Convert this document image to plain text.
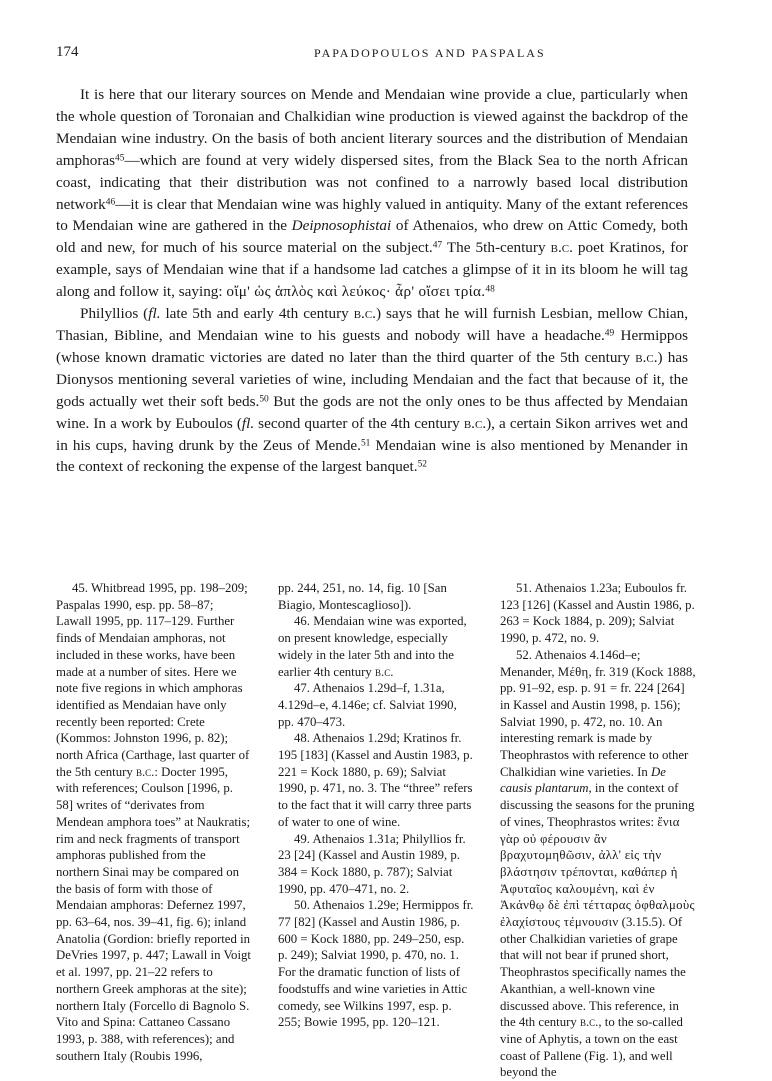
174	PAPADOPOULOS AND PASPALAS

It is here that our literary sources on Mende and Mendaian wine provide a clue, particularly when the whole question of Toronaian and Chalkidian wine production is viewed against the backdrop of the Mendaian wine industry. On the basis of both ancient literary sources and the distribution of Mendaian amphoras$^{45}$—which are found at very widely dispersed sites, from the Black Sea to the north African coast, indicating that their distribution was not confined to a narrowly based local distribution network$^{46}$—it is clear that Mendaian wine was highly valued in antiquity. Many of the extant references to Mendaian wine are gathered in the Deipnosophistai of Athenaios, who drew on Attic Comedy, both old and new, for much of his source material on the subject.$^{47}$ The 5th-century b.c. poet Kratinos, for example, says of Mendaian wine that if a handsome lad catches a glimpse of it in its bloom he will tag along and follow it, saying: οἴμ' ὡς ἁπλὸς καὶ λεύκος· ἆρ' οἴσει τρία.$^{48}$

Philyllios (fl. late 5th and early 4th century b.c.) says that he will furnish Lesbian, mellow Chian, Thasian, Bibline, and Mendaian wine to his guests and nobody will have a headache.$^{49}$ Hermippos (whose known dramatic victories are dated no later than the third quarter of the 5th century b.c.) has Dionysos mentioning several varieties of wine, including Mendaian and the fact that because of it, the gods actually wet their soft beds.$^{50}$ But the gods are not the only ones to be thus affected by Mendaian wine. In a work by Euboulos (fl. second quarter of the 4th century b.c.), a certain Sikon arrives wet and in his cups, having drunk by the Zeus of Mende.$^{51}$ Mendaian wine is also mentioned by Menander in the context of reckoning the expense of the largest banquet.$^{52}$

45. Whitbread 1995, pp. 198–209; Paspalas 1990, esp. pp. 58–87; Lawall 1995, pp. 117–129. Further finds of Mendaian amphoras, not included in these works, have been made at a number of sites. Here we note five regions in which amphoras identified as Mendaian have only recently been reported: Crete (Kommos: Johnston 1996, p. 82); north Africa (Carthage, last quarter of the 5th century b.c.: Docter 1995, with references; Coulson [1996, p. 58] writes of “derivates from Mendean amphora toes” at Naukratis; rim and neck fragments of transport amphoras published from the northern Sinai may be compared on the basis of form with those of Mendaian amphoras: Defernez 1997, pp. 63–64, nos. 39–41, fig. 6); inland Anatolia (Gordion: briefly reported in DeVries 1997, p. 447; Lawall in Voigt et al. 1997, pp. 21–22 refers to northern Greek amphoras at the site); northern Italy (Forcello di Bagnolo S. Vito and Spina: Cattaneo Cassano 1993, p. 388, with references); and southern Italy (Roubis 1996,

pp. 244, 251, no. 14, fig. 10 [San Biagio, Montescaglioso]).

46. Mendaian wine was exported, on present knowledge, especially widely in the later 5th and into the earlier 4th century b.c.

47. Athenaios 1.29d–f, 1.31a, 4.129d–e, 4.146e; cf. Salviat 1990, pp. 470–473.

48. Athenaios 1.29d; Kratinos fr. 195 [183] (Kassel and Austin 1983, p. 221 = Kock 1880, p. 69); Salviat 1990, p. 471, no. 3. The “three” refers to the fact that it will carry three parts of water to one of wine.

49. Athenaios 1.31a; Philyllios fr. 23 [24] (Kassel and Austin 1989, p. 384 = Kock 1880, p. 787); Salviat 1990, pp. 470–471, no. 2.

50. Athenaios 1.29e; Hermippos fr. 77 [82] (Kassel and Austin 1986, p. 600 = Kock 1880, pp. 249–250, esp. p. 249); Salviat 1990, p. 470, no. 1. For the dramatic function of lists of foodstuffs and wine varieties in Attic comedy, see Wilkins 1997, esp. p. 255; Bowie 1995, pp. 120–121.

51. Athenaios 1.23a; Euboulos fr. 123 [126] (Kassel and Austin 1986, p. 263 = Kock 1884, p. 209); Salviat 1990, p. 472, no. 9.

52. Athenaios 4.146d–e; Menander, Μέθη, fr. 319 (Kock 1888, pp. 91–92, esp. p. 91 = fr. 224 [264] in Kassel and Austin 1998, p. 156); Salviat 1990, p. 472, no. 10. An interesting remark is made by Theophrastos with reference to other Chalkidian wine varieties. In De causis plantarum, in the context of discussing the seasons for the pruning of vines, Theophrastos writes: ἔνια γὰρ οὐ φέρουσιν ἂν βραχυτομηθῶσιν, ἀλλ' εἰς τὴν βλάστησιν τρέπονται, καθάπερ ἡ Ἀφυταῖος καλουμένη, καὶ ἐν Ἀκάνθῳ δὲ ἐπὶ τέτταρας ὀφθαλμοὺς ἐλαχίστους τέμνουσιν (3.15.5). Of other Chalkidian varieties of grape that will not bear if pruned short, Theophrastos specifically names the Akanthian, a well-known vine discussed above. This reference, in the 4th century b.c., to the so-called vine of Aphytis, a town on the east coast of Pallene (Fig. 1), and well beyond the
